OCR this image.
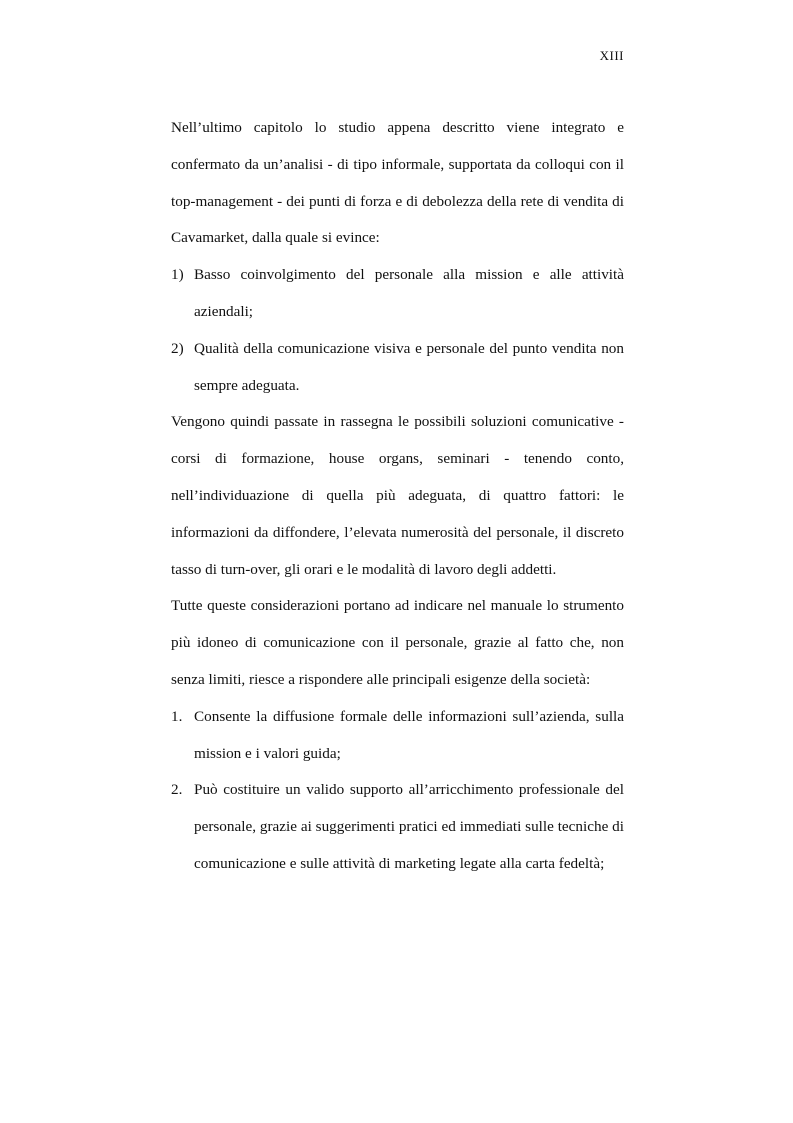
XIII

Nell’ultimo capitolo lo studio appena descritto viene integrato e confermato da un’analisi - di tipo informale, supportata da colloqui con il top-management - dei punti di forza e di debolezza della rete di vendita di Cavamarket, dalla quale si evince:

1) Basso coinvolgimento del personale alla mission e alle attività aziendali;
2) Qualità della comunicazione visiva e personale del punto vendita non sempre adeguata.

Vengono quindi passate in rassegna le possibili soluzioni comunicative - corsi di formazione, house organs, seminari - tenendo conto, nell’individuazione di quella più adeguata, di quattro fattori: le informazioni da diffondere, l’elevata numerosità del personale, il discreto tasso di turn-over, gli orari e le modalità di lavoro degli addetti.

Tutte queste considerazioni portano ad indicare nel manuale lo strumento più idoneo di comunicazione con il personale, grazie al fatto che, non senza limiti, riesce a rispondere alle principali esigenze della società:

1. Consente la diffusione formale delle informazioni sull’azienda, sulla mission e i valori guida;
2. Può costituire un valido supporto all’arricchimento professionale del personale, grazie ai suggerimenti pratici ed immediati sulle tecniche di comunicazione e sulle attività di marketing legate alla carta fedeltà;
